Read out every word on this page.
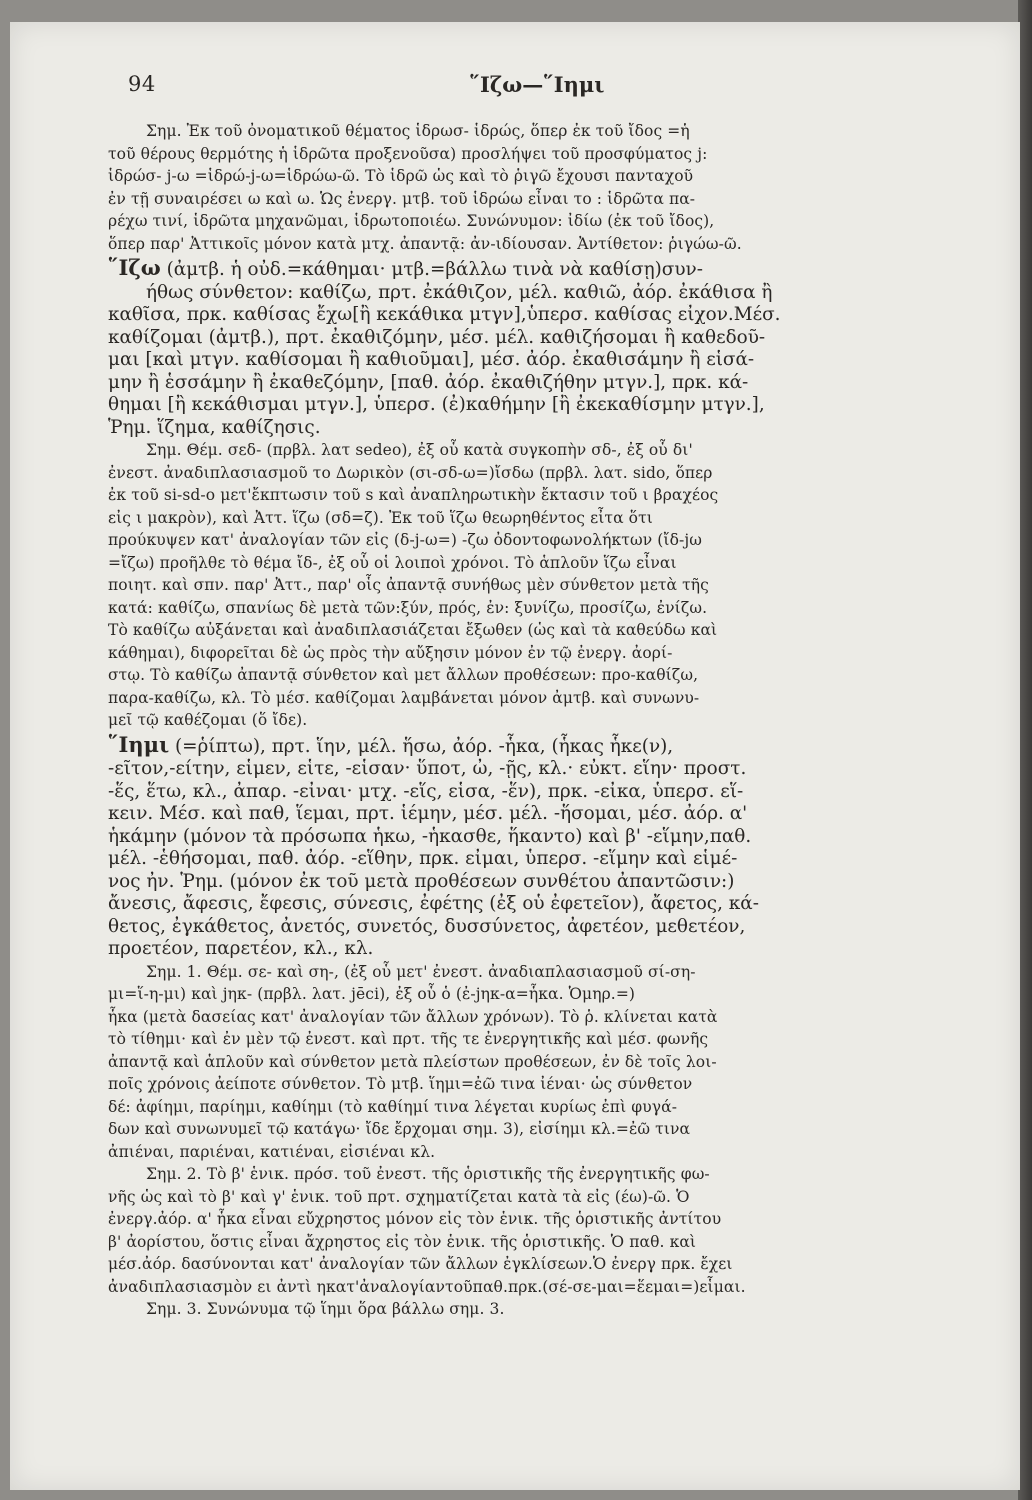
94	῞Ιζω—῞Ιημι
Σημ. Ἐκ τοῦ ὀνοματικοῦ θέματος ἱδρωσ- ἱδρώς, ὅπερ ἐκ τοῦ ἴδος =ἡ
τοῦ θέρους θερμότης ἡ ἱδρῶτα προξενοῦσα) προσλήψει τοῦ προσφύματος j:
ἱδρώσ- j-ω =ἱδρώ-j-ω=ἱδρώω-ῶ. Τὸ ἱδρῶ ὡς καὶ τὸ ῥιγῶ ἔχουσι πανταχοῦ
ἐν τῇ συναιρέσει ω καὶ ω. Ὡς ἐνεργ. μτβ. τοῦ ἱδρώω εἶναι το : ἱδρῶτα πα-
ρέχω τινί, ἱδρῶτα μηχανῶμαι, ἱδρωτοποιέω. Συνώνυμον: ἰδίω (ἐκ τοῦ ἴδος),
ὅπερ παρ' Ἀττικοῖς μόνον κατὰ μτχ. ἀπαντᾷ: ἀν-ιδίουσαν. Ἀντίθετον: ῥιγώω-ῶ.
῞Ιζω (ἀμτβ. ἡ οὐδ.=κάθημαι· μτβ.=βάλλω τινὰ νὰ καθίσῃ)συν-
ήθως σύνθετον: καθίζω, πρτ. ἐκάθιζον, μέλ. καθιῶ, ἀόρ. ἐκάθισα ἢ
καθῖσα, πρκ. καθίσας ἔχω[ἢ κεκάθικα μτγν],ὑπερσ. καθίσας εἶχον.Μέσ.
καθίζομαι (ἀμτβ.), πρτ. ἐκαθιζόμην, μέσ. μέλ. καθιζήσομαι ἢ καθεδοῦ-
μαι [καὶ μτγν. καθίσομαι ἢ καθιοῦμαι], μέσ. ἀόρ. ἐκαθισάμην ἢ εἱσά-
μην ἢ ἑσσάμην ἢ ἐκαθεζόμην, [παθ. ἀόρ. ἐκαθιζήθην μτγν.], πρκ. κά-
θημαι [ἢ κεκάθισμαι μτγν.], ὑπερσ. (ἐ)καθήμην [ἢ ἐκεκαθίσμην μτγν.],
Ῥημ. ἵζημα, καθίζησις.
Σημ. Θέμ. σεδ- (πρβλ. λατ sedeo), ἐξ οὗ κατὰ συγκοπὴν σδ-, ἐξ οὗ δι'
ἐνεστ. ἀναδιπλασιασμοῦ το Δωρικὸν (σι-σδ-ω=)ἴσδω (πρβλ. λατ. sido, ὅπερ
ἐκ τοῦ si-sd-o μετ'ἔκπτωσιν τοῦ s καὶ ἀναπληρωτικὴν ἔκτασιν τοῦ ι βραχέος
εἰς ι μακρὸν), καὶ Ἀττ. ἵζω (σδ=ζ). Ἐκ τοῦ ἵζω θεωρηθέντος εἶτα ὅτι
προύκυψεν κατ' ἀναλογίαν τῶν εἰς (δ-j-ω=) -ζω ὀδοντοφωνολήκτων (ἴδ-jω
=ἴζω) προῆλθε τὸ θέμα ἴδ-, ἐξ οὗ οἱ λοιποὶ χρόνοι. Τὸ ἁπλοῦν ἵζω εἶναι
ποιητ. καὶ σπν. παρ' Ἀττ., παρ' οἷς ἀπαντᾷ συνήθως μὲν σύνθετον μετὰ τῆς
κατά: καθίζω, σπανίως δὲ μετὰ τῶν:ξύν, πρός, ἐν: ξυνίζω, προσίζω, ἐνίζω.
Τὸ καθίζω αὐξάνεται καὶ ἀναδιπλασιάζεται ἔξωθεν (ὡς καὶ τὰ καθεύδω καὶ
κάθημαι), διφορεῖται δὲ ὡς πρὸς τὴν αὔξησιν μόνον ἐν τῷ ἐνεργ. ἀορί-
στῳ. Τὸ καθίζω ἀπαντᾷ σύνθετον καὶ μετ ἄλλων προθέσεων: προ-καθίζω,
παρα-καθίζω, κλ. Τὸ μέσ. καθίζομαι λαμβάνεται μόνον ἀμτβ. καὶ συνωνυ-
μεῖ τῷ καθέζομαι (ὅ ἴδε).
῞Ιημι (=ῥίπτω), πρτ. ἵην, μέλ. ἥσω, ἀόρ. -ἧκα, (ἧκας ἧκε(ν),
-εῖτον,-είτην, εἷμεν, εἷτε, -εἷσαν· ὕποτ, ὦ, -ῇς, κλ.· εὐκτ. εἵην· προστ.
-ἕς, ἕτω, κλ., ἀπαρ. -εἶναι· μτχ. -εἵς, εἷσα, -ἕν), πρκ. -εἶκα, ὑπερσ. εἵ-
κειν. Μέσ. καὶ παθ, ἵεμαι, πρτ. ἱέμην, μέσ. μέλ. -ἥσομαι, μέσ. ἀόρ. α'
ἡκάμην (μόνον τὰ πρόσωπα ἧκω, -ἧκασθε, ἥκαντο) καὶ β' -εἵμην,παθ.
μέλ. -ἑθήσομαι, παθ. ἀόρ. -εἵθην, πρκ. εἶμαι, ὑπερσ. -εἵμην καὶ εἱμέ-
νος ἦν. Ῥημ. (μόνον ἐκ τοῦ μετὰ προθέσεων συνθέτου ἀπαντῶσιν:)
ἄνεσις, ἄφεσις, ἔφεσις, σύνεσις, ἐφέτης (ἐξ οὗ ἐφετεῖον), ἄφετος, κά-
θετος, ἐγκάθετος, ἀνετός, συνετός, δυσσύνετος, ἀφετέον, μεθετέον,
προετέον, παρετέον, κλ., κλ.
Σημ. 1. Θέμ. σε- καὶ ση-, (ἐξ οὗ μετ' ἐνεστ. ἀναδιαπλασιασμοῦ σί-ση-
μι=ἵ-η-μι) καὶ jηκ- (πρβλ. λατ. jēci), ἐξ οὗ ὁ (ἐ-jηκ-α=ἧκα. Ὁμηρ.=)
ἧκα (μετὰ δασείας κατ' ἀναλογίαν τῶν ἄλλων χρόνων). Τὸ ῥ. κλίνεται κατὰ
τὸ τίθημι· καὶ ἐν μὲν τῷ ἐνεστ. καὶ πρτ. τῆς τε ἐνεργητικῆς καὶ μέσ. φωνῆς
ἀπαντᾷ καὶ ἁπλοῦν καὶ σύνθετον μετὰ πλείστων προθέσεων, ἐν δὲ τοῖς λοι-
ποῖς χρόνοις ἀείποτε σύνθετον. Τὸ μτβ. ἵημι=ἐῶ τινα ἰέναι· ὡς σύνθετον
δέ: ἀφίημι, παρίημι, καθίημι (τὸ καθίημί τινα λέγεται κυρίως ἐπὶ φυγά-
δων καὶ συνωνυμεῖ τῷ κατάγω· ἴδε ἔρχομαι σημ. 3), εἰσίημι κλ.=ἐῶ τινα
ἀπιέναι, παριέναι, κατιέναι, εἰσιέναι κλ.
Σημ. 2. Τὸ β' ἑνικ. πρόσ. τοῦ ἐνεστ. τῆς ὁριστικῆς τῆς ἐνεργητικῆς φω-
νῆς ὡς καὶ τὸ β' καὶ γ' ἑνικ. τοῦ πρτ. σχηματίζεται κατὰ τὰ εἰς (έω)-ῶ. Ὁ
ἐνεργ.ἀόρ. α' ἧκα εἶναι εὔχρηστος μόνον εἰς τὸν ἑνικ. τῆς ὁριστικῆς ἀντίτου
β' ἀορίστου, ὅστις εἶναι ἄχρηστος εἰς τὸν ἑνικ. τῆς ὁριστικῆς. Ὁ παθ. καὶ
μέσ.ἀόρ. δασύνονται κατ' ἀναλογίαν τῶν ἄλλων ἐγκλίσεων.Ὁ ἐνεργ πρκ. ἔχει
ἀναδιπλασιασμὸν ει ἀντὶ ηκατ'ἀναλογίαντοῦπαθ.πρκ.(σέ-σε-μαι=ἕεμαι=)εἷμαι.
Σημ. 3. Συνώνυμα τῷ ἵημι ὅρα βάλλω σημ. 3.
